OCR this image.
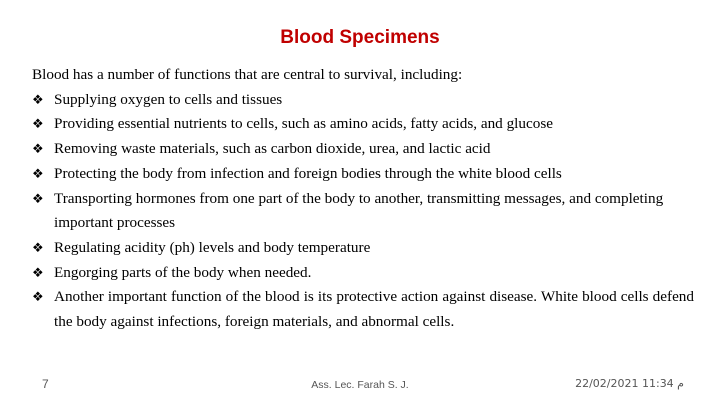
Blood Specimens
Blood has a number of functions that are central to survival, including:
❖ Supplying oxygen to cells and tissues
❖ Providing essential nutrients to cells, such as amino acids, fatty acids, and glucose
❖ Removing waste materials, such as carbon dioxide, urea, and lactic acid
❖ Protecting the body from infection and foreign bodies through the white blood cells
❖ Transporting hormones from one part of the body to another, transmitting messages, and completing important processes
❖ Regulating acidity (ph) levels and body temperature
❖ Engorging parts of the body when needed.
❖ Another important function of the blood is its protective action against disease. White blood cells defend the body against infections, foreign materials, and abnormal cells.
7	Ass. Lec. Farah S. J.	م 11:34 22/02/2021
